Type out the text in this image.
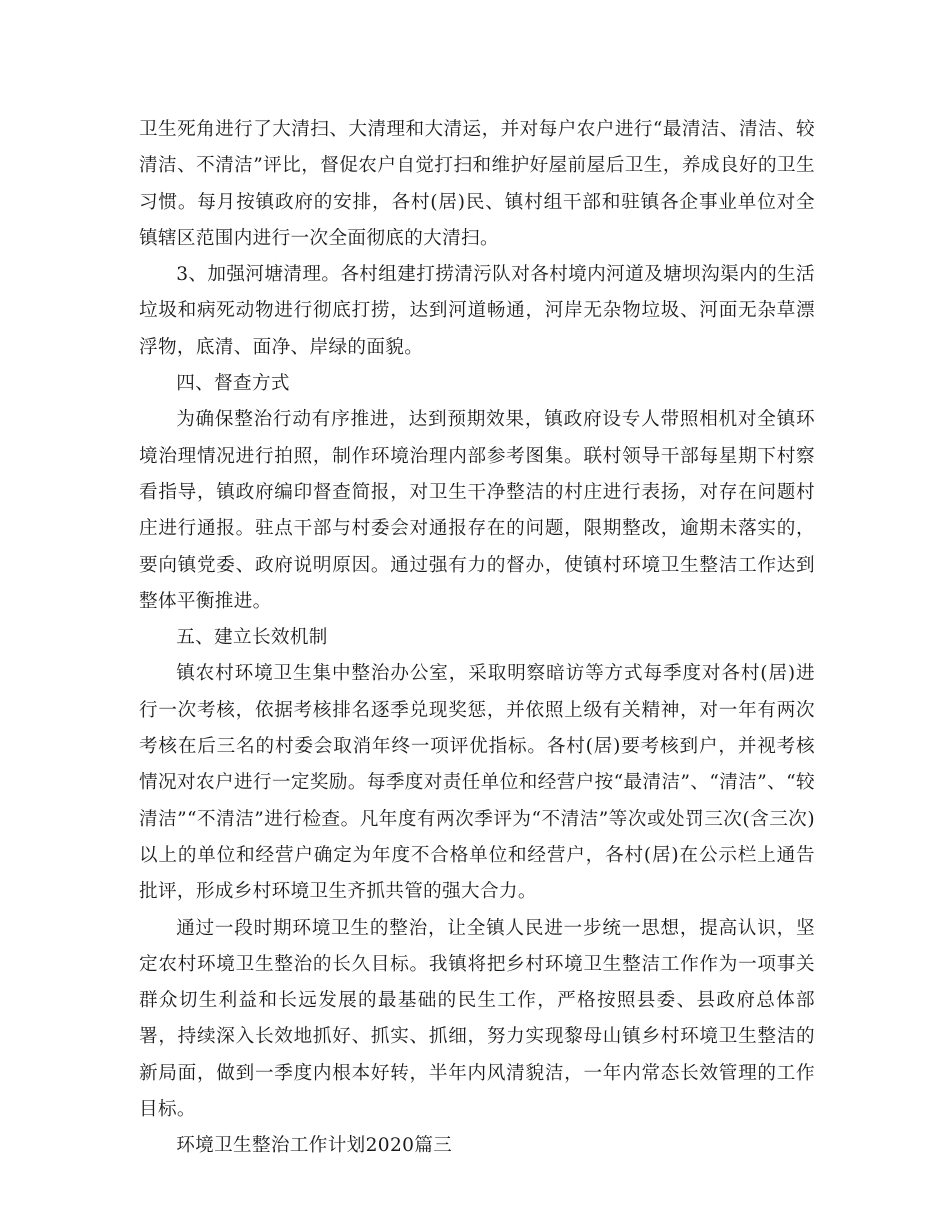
卫生死角进行了大清扫、大清理和大清运，并对每户农户进行“最清洁、清洁、较清洁、不清洁”评比，督促农户自觉打扫和维护好屋前屋后卫生，养成良好的卫生习惯。每月按镇政府的安排，各村(居)民、镇村组干部和驻镇各企事业单位对全镇辖区范围内进行一次全面彻底的大清扫。

3、加强河塘清理。各村组建打捞清污队对各村境内河道及塘坝沟渠内的生活垃圾和病死动物进行彻底打捞，达到河道畅通，河岸无杂物垃圾、河面无杂草漂浮物，底清、面净、岸绿的面貌。

四、督查方式

为确保整治行动有序推进，达到预期效果，镇政府设专人带照相机对全镇环境治理情况进行拍照，制作环境治理内部参考图集。联村领导干部每星期下村察看指导，镇政府编印督查简报，对卫生干净整洁的村庄进行表扬，对存在问题村庄进行通报。驻点干部与村委会对通报存在的问题，限期整改，逾期未落实的，要向镇党委、政府说明原因。通过强有力的督办，使镇村环境卫生整洁工作达到整体平衡推进。

五、建立长效机制

镇农村环境卫生集中整治办公室，采取明察暗访等方式每季度对各村(居)进行一次考核，依据考核排名逐季兑现奖惩，并依照上级有关精神，对一年有两次考核在后三名的村委会取消年终一项评优指标。各村(居)要考核到户，并视考核情况对农户进行一定奖励。每季度对责任单位和经营户按“最清洁”、“清洁”、“较清洁”“不清洁”进行检查。凡年度有两次季评为“不清洁”等次或处罚三次(含三次)以上的单位和经营户确定为年度不合格单位和经营户，各村(居)在公示栏上通告批评，形成乡村环境卫生齐抓共管的强大合力。

通过一段时期环境卫生的整治，让全镇人民进一步统一思想，提高认识，坚定农村环境卫生整治的长久目标。我镇将把乡村环境卫生整洁工作作为一项事关群众切生利益和长远发展的最基础的民生工作，严格按照县委、县政府总体部署，持续深入长效地抓好、抓实、抓细，努力实现黎母山镇乡村环境卫生整洁的新局面，做到一季度内根本好转，半年内风清貌洁，一年内常态长效管理的工作目标。

环境卫生整治工作计划2020篇三
